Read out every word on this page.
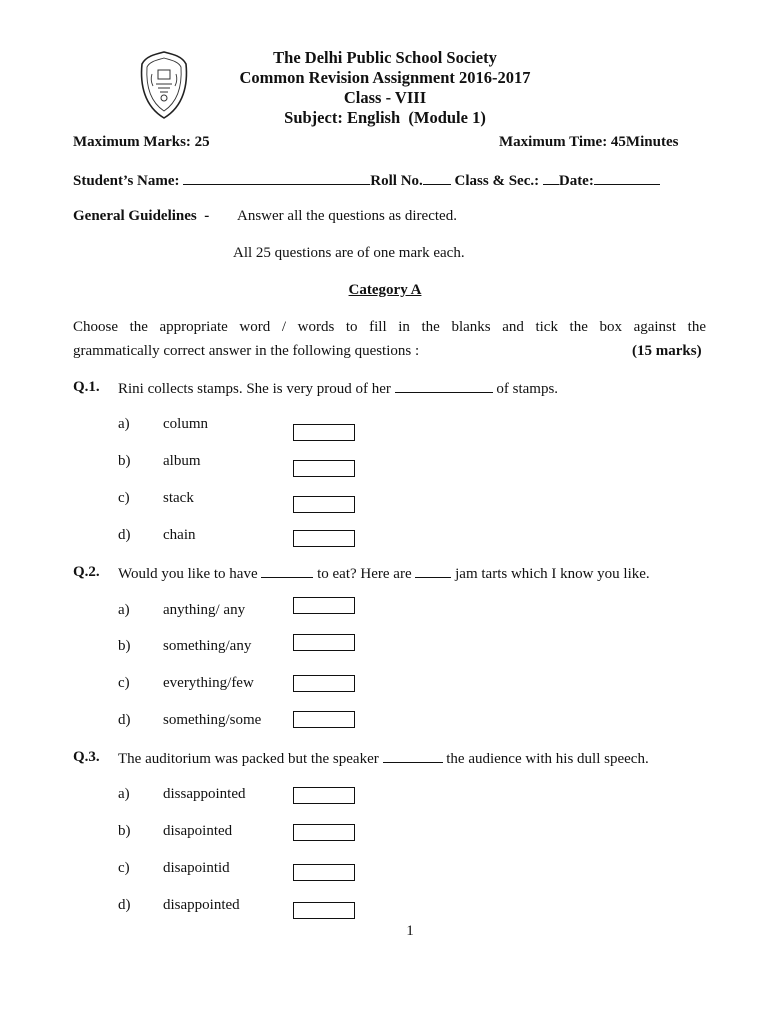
The Delhi Public School Society
Common Revision Assignment 2016-2017
Class - VIII
Subject: English  (Module 1)
Maximum Marks: 25	Maximum Time: 45Minutes
Student’s Name:	Roll No. Class & Sec.: Date:
General Guidelines  - Answer all the questions as directed.
All 25 questions are of one mark each.
Category A
Choose the appropriate word / words to fill in the blanks and tick the box against the
grammatically correct answer in the following questions :	(15 marks)
Q.1. Rini collects stamps. She is very proud of her	of stamps.
a) column
b) album
c) stack
d) chain
Q.2. Would you like to have	to eat? Here are	jam tarts which I know you like.
a) anything/ any
b) something/any
c) everything/few
d) something/some
Q.3. The auditorium was packed but the speaker	the audience with his dull speech.
a) dissappointed
b) disapointed
c) disapointid
d) disappointed
1
